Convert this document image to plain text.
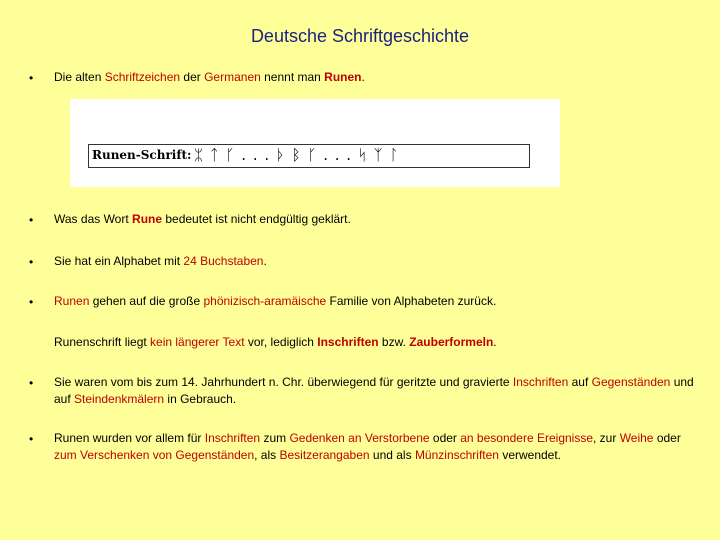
Deutsche Schriftgeschichte
• Die alten Schriftzeichen der Germanen nennt man Runen.
Runen-Schrift: ᛯ ᛏ ᚴ . . . ᚦ ᛒ ᚴ . . . ᛋ ᛉ ᛚ
• Was das Wort Rune bedeutet ist nicht endgültig geklärt.
• Sie hat ein Alphabet mit 24 Buchstaben.
• Runen gehen auf die große phönizisch-aramäische Familie von Alphabeten zurück.
Runenschrift liegt kein längerer Text vor, lediglich Inschriften bzw. Zauberformeln.
• Sie waren vom bis zum 14. Jahrhundert n. Chr. überwiegend für geritzte und gravierte Inschriften auf Gegenständen und
auf Steindenkmälern in Gebrauch.
• Runen wurden vor allem für Inschriften zum Gedenken an Verstorbene oder an besondere Ereignisse, zur Weihe oder
zum Verschenken von Gegenständen, als Besitzerangaben und als Münzinschriften verwendet.
